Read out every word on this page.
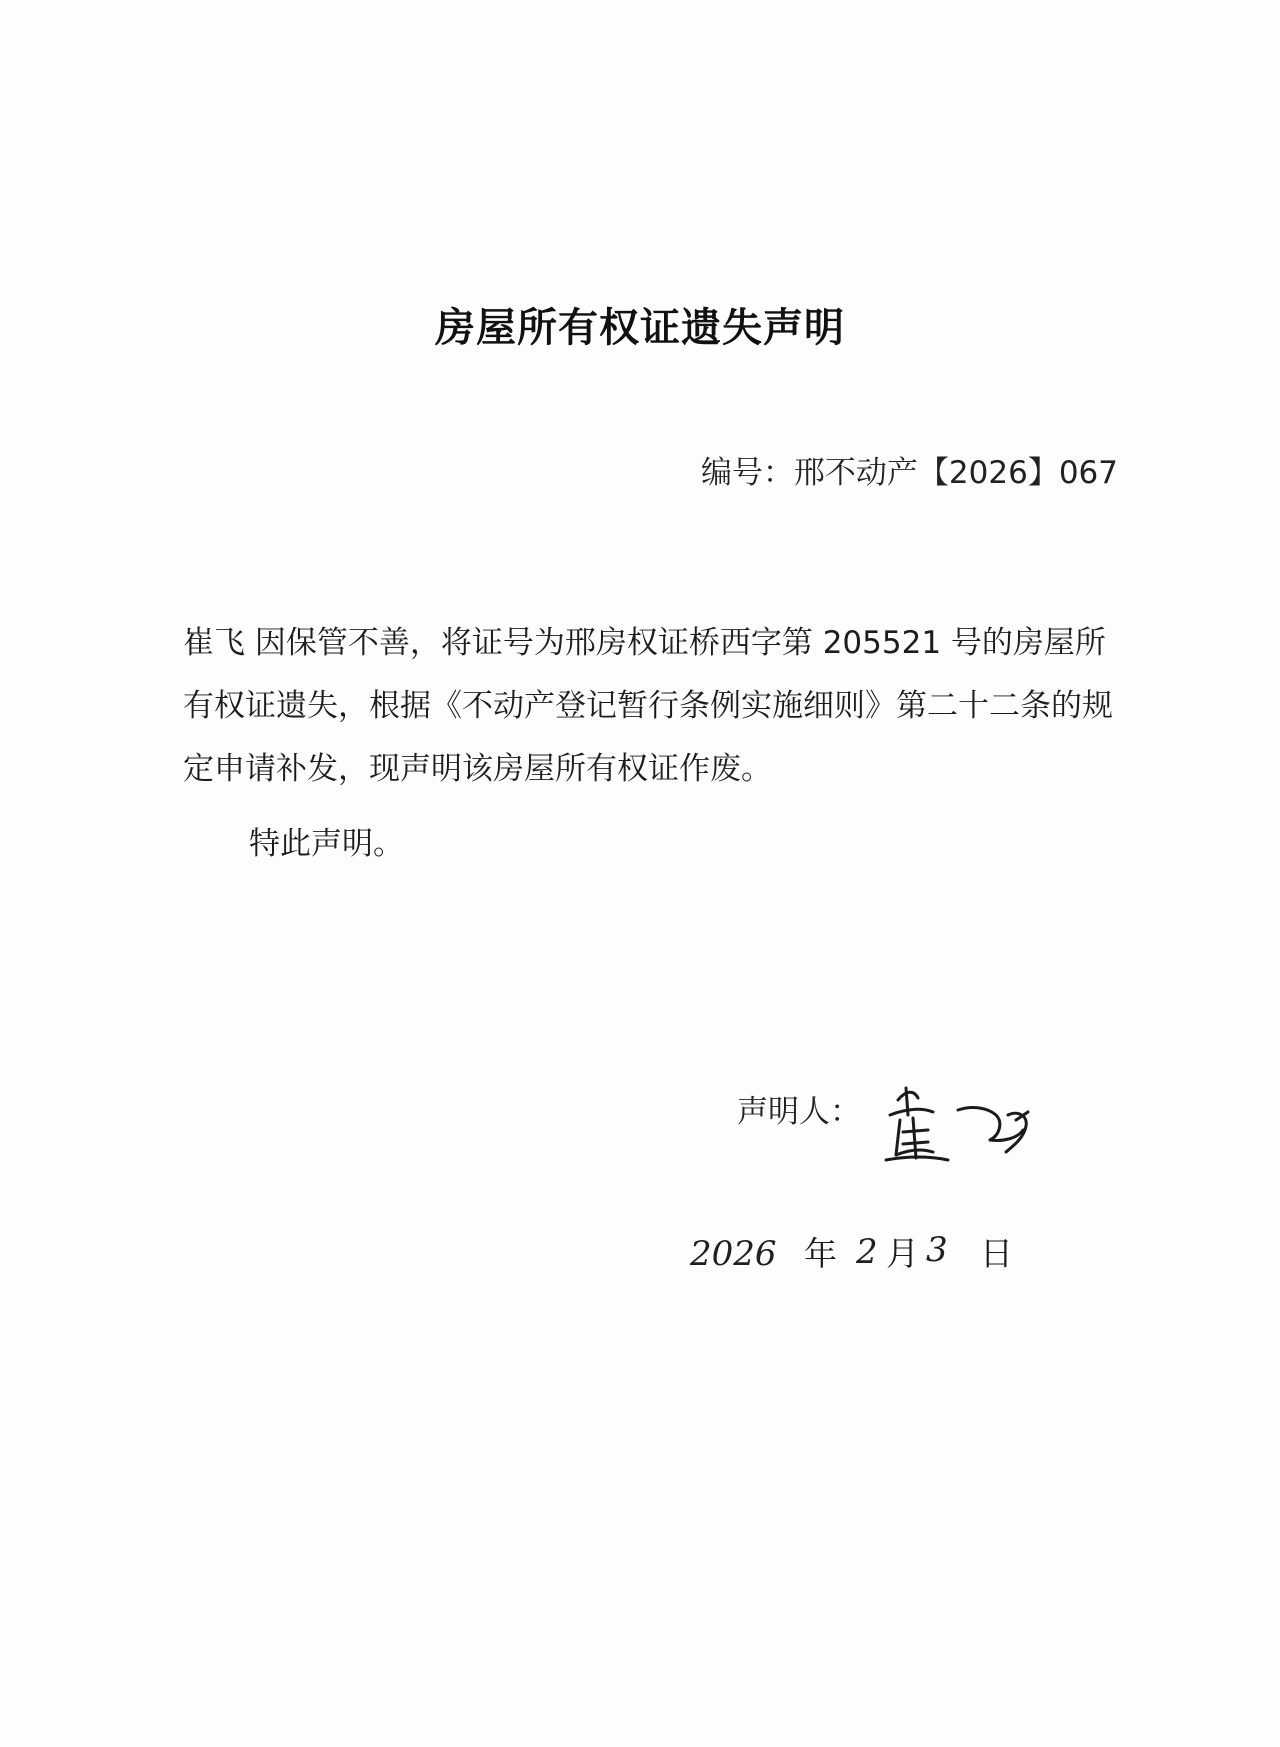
房屋所有权证遗失声明
编号：邢不动产【2026】067

崔飞 因保管不善，将证号为邢房权证桥西字第 205521 号的房屋所有权证遗失，根据《不动产登记暂行条例实施细则》第二十二条的规定申请补发，现声明该房屋所有权证作废。

特此声明。

声明人：
2026 年 2 月 3 日
